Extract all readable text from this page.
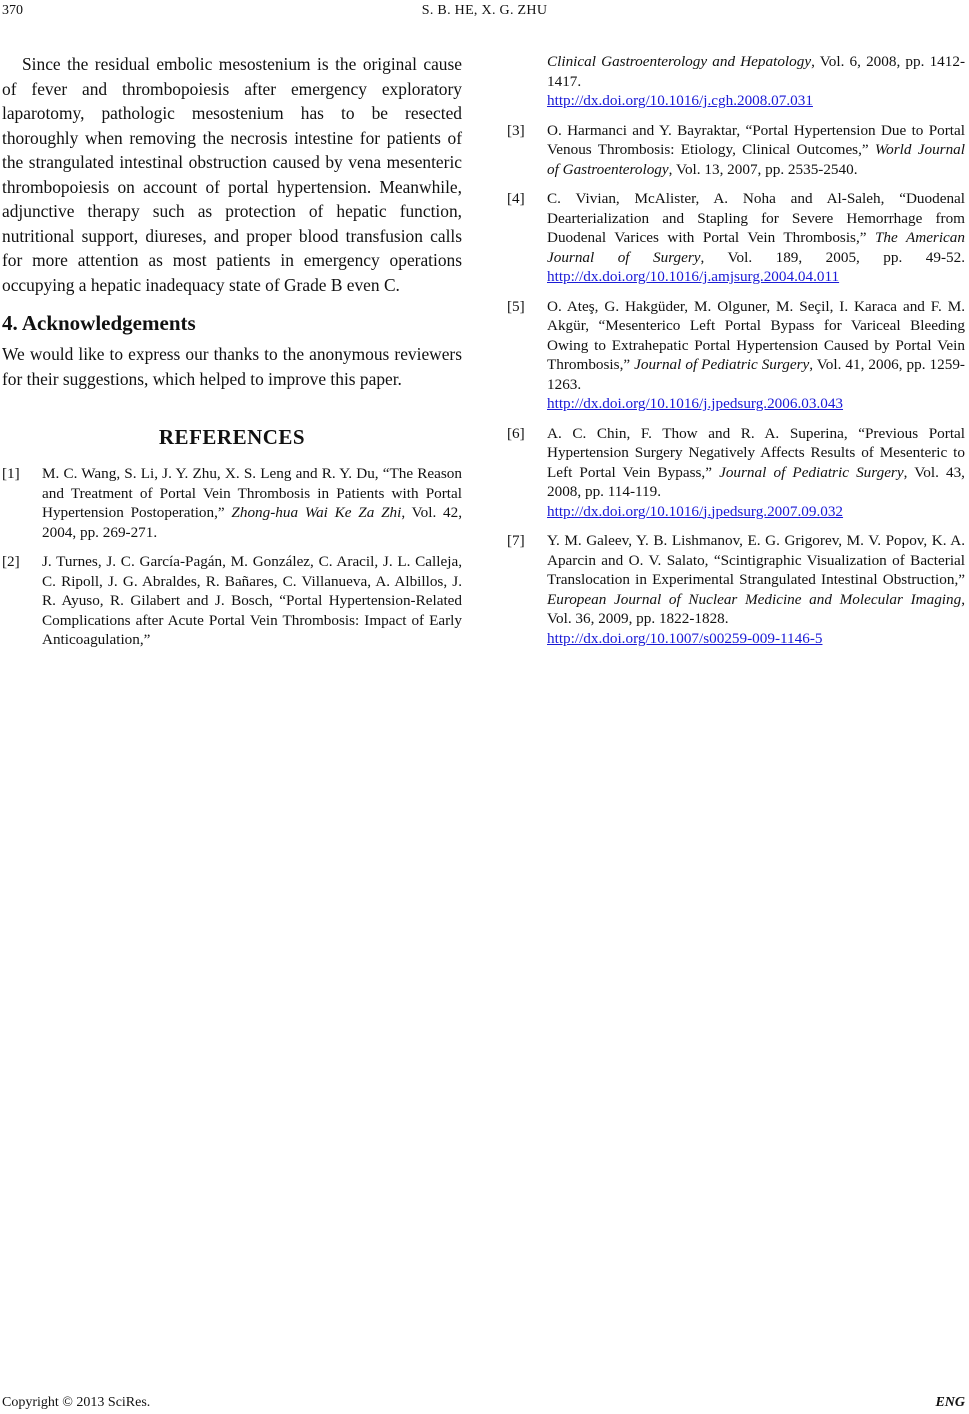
370	S. B. HE, X. G. ZHU

Since the residual embolic mesostenium is the original cause of fever and thrombopoiesis after emergency exploratory laparotomy, pathologic mesostenium has to be resected thoroughly when removing the necrosis intestine for patients of the strangulated intestinal obstruction caused by vena mesenteric thrombopoiesis on account of portal hypertension. Meanwhile, adjunctive therapy such as protection of hepatic function, nutritional support, diureses, and proper blood transfusion calls for more attention as most patients in emergency operations occupying a hepatic inadequacy state of Grade B even C.

4. Acknowledgements

We would like to express our thanks to the anonymous reviewers for their suggestions, which helped to improve this paper.

REFERENCES

[1] M. C. Wang, S. Li, J. Y. Zhu, X. S. Leng and R. Y. Du, “The Reason and Treatment of Portal Vein Thrombosis in Patients with Portal Hypertension Postoperation,” Zhong-hua Wai Ke Za Zhi, Vol. 42, 2004, pp. 269-271.

[2] J. Turnes, J. C. García-Pagán, M. González, C. Aracil, J. L. Calleja, C. Ripoll, J. G. Abraldes, R. Bañares, C. Villanueva, A. Albillos, J. R. Ayuso, R. Gilabert and J. Bosch, “Portal Hypertension-Related Complications after Acute Portal Vein Thrombosis: Impact of Early Anticoagulation,”

Clinical Gastroenterology and Hepatology, Vol. 6, 2008, pp. 1412-1417.
http://dx.doi.org/10.1016/j.cgh.2008.07.031

[3] O. Harmanci and Y. Bayraktar, “Portal Hypertension Due to Portal Venous Thrombosis: Etiology, Clinical Outcomes,” World Journal of Gastroenterology, Vol. 13, 2007, pp. 2535-2540.

[4] C. Vivian, McAlister, A. Noha and Al-Saleh, “Duodenal Dearterialization and Stapling for Severe Hemorrhage from Duodenal Varices with Portal Vein Thrombosis,” The American Journal of Surgery, Vol. 189, 2005, pp. 49-52. http://dx.doi.org/10.1016/j.amjsurg.2004.04.011

[5] O. Ateş, G. Hakgüder, M. Olguner, M. Seçil, I. Karaca and F. M. Akgür, “Mesenterico Left Portal Bypass for Variceal Bleeding Owing to Extrahepatic Portal Hypertension Caused by Portal Vein Thrombosis,” Journal of Pediatric Surgery, Vol. 41, 2006, pp. 1259-1263.
http://dx.doi.org/10.1016/j.jpedsurg.2006.03.043

[6] A. C. Chin, F. Thow and R. A. Superina, “Previous Portal Hypertension Surgery Negatively Affects Results of Mesenteric to Left Portal Vein Bypass,” Journal of Pediatric Surgery, Vol. 43, 2008, pp. 114-119.
http://dx.doi.org/10.1016/j.jpedsurg.2007.09.032

[7] Y. M. Galeev, Y. B. Lishmanov, E. G. Grigorev, M. V. Popov, K. A. Aparcin and O. V. Salato, “Scintigraphic Visualization of Bacterial Translocation in Experimental Strangulated Intestinal Obstruction,” European Journal of Nuclear Medicine and Molecular Imaging, Vol. 36, 2009, pp. 1822-1828.
http://dx.doi.org/10.1007/s00259-009-1146-5

Copyright © 2013 SciRes.	ENG
